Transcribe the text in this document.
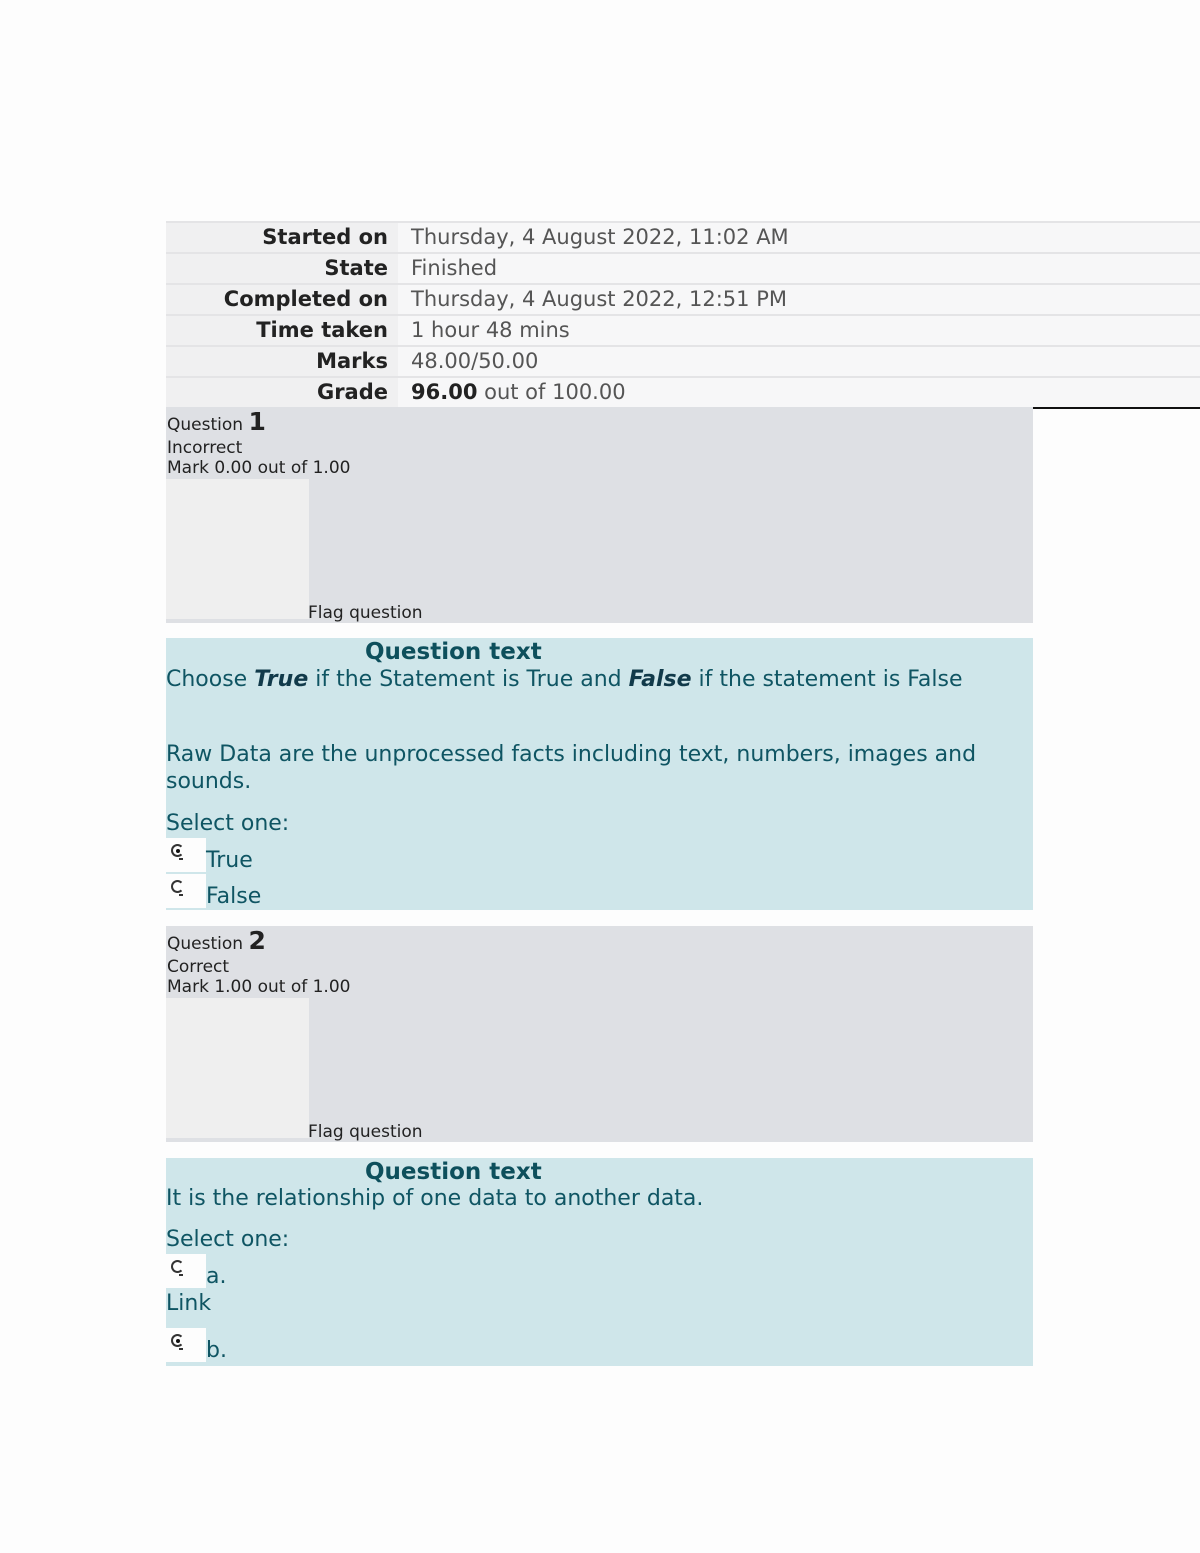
Started on	Thursday, 4 August 2022, 11:02 AM
State	Finished
Completed on	Thursday, 4 August 2022, 12:51 PM
Time taken	1 hour 48 mins
Marks	48.00/50.00
Grade	96.00 out of 100.00
Question 1
Incorrect
Mark 0.00 out of 1.00
Flag question
Question text
Choose True if the Statement is True and False if the statement is False
Raw Data are the unprocessed facts including text, numbers, images and
sounds.
Select one:
True
False
Question 2
Correct
Mark 1.00 out of 1.00
Flag question
Question text
It is the relationship of one data to another data.
Select one:
a.
Link
b.
